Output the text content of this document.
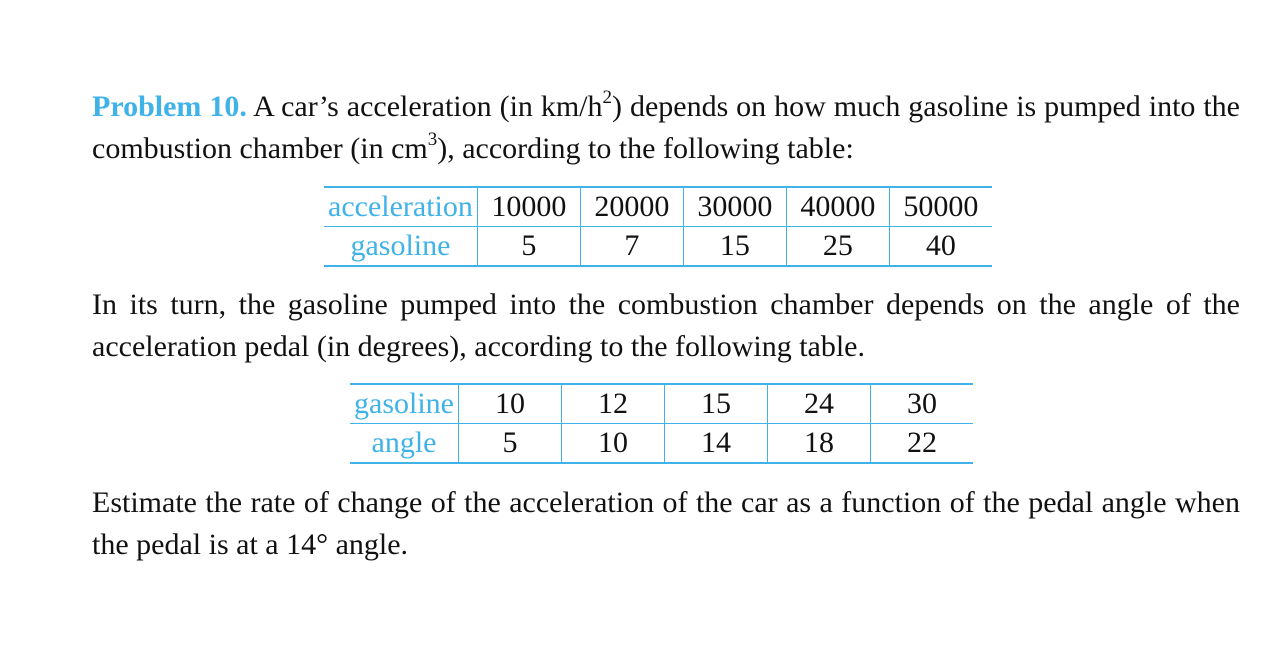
Problem 10. A car’s acceleration (in $km/h^2$) depends on how much gasoline is pumped into the combustion chamber (in $cm^3$), according to the following table:

acceleration	10000	20000	30000	40000	50000
gasoline	5	7	15	25	40

In its turn, the gasoline pumped into the combustion chamber depends on the angle of the acceleration pedal (in degrees), according to the following table.

gasoline	10	12	15	24	30
angle	5	10	14	18	22

Estimate the rate of change of the acceleration of the car as a function of the pedal angle when the pedal is at a 14° angle.
